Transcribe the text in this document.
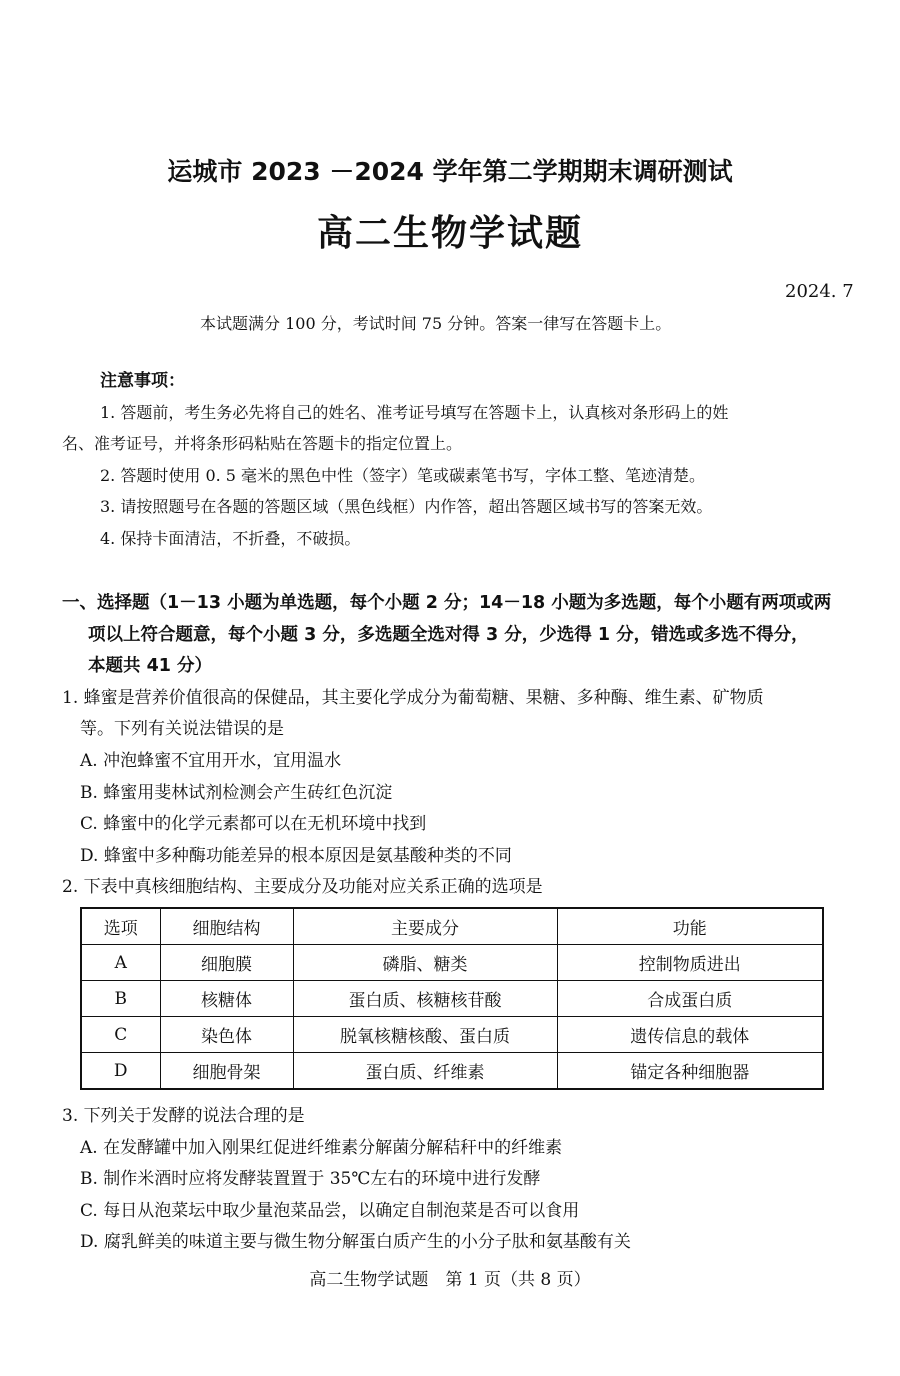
运城市 2023 －2024 学年第二学期期末调研测试
高二生物学试题
2024. 7
本试题满分 100 分，考试时间 75 分钟。答案一律写在答题卡上。
注意事项：
1. 答题前，考生务必先将自己的姓名、准考证号填写在答题卡上，认真核对条形码上的姓
名、准考证号，并将条形码粘贴在答题卡的指定位置上。
2. 答题时使用 0. 5 毫米的黑色中性（签字）笔或碳素笔书写，字体工整、笔迹清楚。
3. 请按照题号在各题的答题区域（黑色线框）内作答，超出答题区域书写的答案无效。
4. 保持卡面清洁，不折叠，不破损。
一、选择题（1－13 小题为单选题，每个小题 2 分；14－18 小题为多选题，每个小题有两项或两
项以上符合题意，每个小题 3 分，多选题全选对得 3 分，少选得 1 分，错选或多选不得分，
本题共 41 分）
1. 蜂蜜是营养价值很高的保健品，其主要化学成分为葡萄糖、果糖、多种酶、维生素、矿物质
等。下列有关说法错误的是
A. 冲泡蜂蜜不宜用开水，宜用温水
B. 蜂蜜用斐林试剂检测会产生砖红色沉淀
C. 蜂蜜中的化学元素都可以在无机环境中找到
D. 蜂蜜中多种酶功能差异的根本原因是氨基酸种类的不同
2. 下表中真核细胞结构、主要成分及功能对应关系正确的选项是
选项	细胞结构	主要成分	功能
A	细胞膜	磷脂、糖类	控制物质进出
B	核糖体	蛋白质、核糖核苷酸	合成蛋白质
C	染色体	脱氧核糖核酸、蛋白质	遗传信息的载体
D	细胞骨架	蛋白质、纤维素	锚定各种细胞器
3. 下列关于发酵的说法合理的是
A. 在发酵罐中加入刚果红促进纤维素分解菌分解秸秆中的纤维素
B. 制作米酒时应将发酵装置置于 35℃左右的环境中进行发酵
C. 每日从泡菜坛中取少量泡菜品尝，以确定自制泡菜是否可以食用
D. 腐乳鲜美的味道主要与微生物分解蛋白质产生的小分子肽和氨基酸有关
高二生物学试题　第 1 页（共 8 页）
